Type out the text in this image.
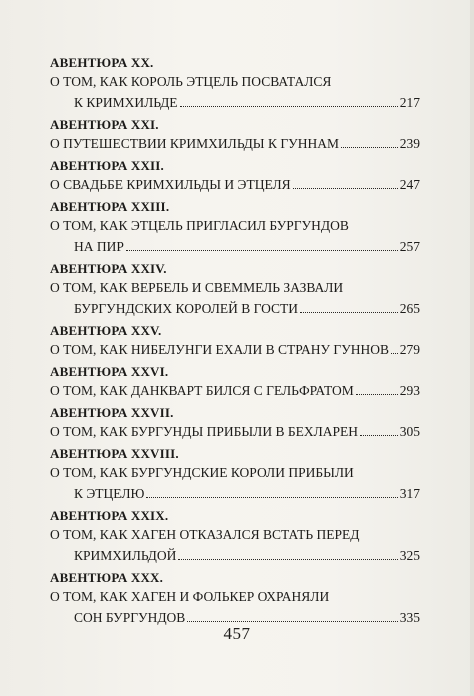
АВЕНТЮРА XX.
О ТОМ, КАК КОРОЛЬ ЭТЦЕЛЬ ПОСВАТАЛСЯ
К КРИМХИЛЬДЕ	217
АВЕНТЮРА XXI.
О ПУТЕШЕСТВИИ КРИМХИЛЬДЫ К ГУННАМ	239
АВЕНТЮРА XXII.
О СВАДЬБЕ КРИМХИЛЬДЫ И ЭТЦЕЛЯ	247
АВЕНТЮРА XXIII.
О ТОМ, КАК ЭТЦЕЛЬ ПРИГЛАСИЛ БУРГУНДОВ
НА ПИР	257
АВЕНТЮРА XXIV.
О ТОМ, КАК ВЕРБЕЛЬ И СВЕММЕЛЬ ЗАЗВАЛИ
БУРГУНДСКИХ КОРОЛЕЙ В ГОСТИ	265
АВЕНТЮРА XXV.
О ТОМ, КАК НИБЕЛУНГИ ЕХАЛИ В СТРАНУ ГУННОВ 279
АВЕНТЮРА XXVI.
О ТОМ, КАК ДАНКВАРТ БИЛСЯ С ГЕЛЬФРАТОМ	293
АВЕНТЮРА XXVII.
О ТОМ, КАК БУРГУНДЫ ПРИБЫЛИ В БЕХЛАРЕН	305
АВЕНТЮРА XXVIII.
О ТОМ, КАК БУРГУНДСКИЕ КОРОЛИ ПРИБЫЛИ
К ЭТЦЕЛЮ	317
АВЕНТЮРА XXIX.
О ТОМ, КАК ХАГЕН ОТКАЗАЛСЯ ВСТАТЬ ПЕРЕД
КРИМХИЛЬДОЙ	325
АВЕНТЮРА XXX.
О ТОМ, КАК ХАГЕН И ФОЛЬКЕР ОХРАНЯЛИ
СОН БУРГУНДОВ	335
457
